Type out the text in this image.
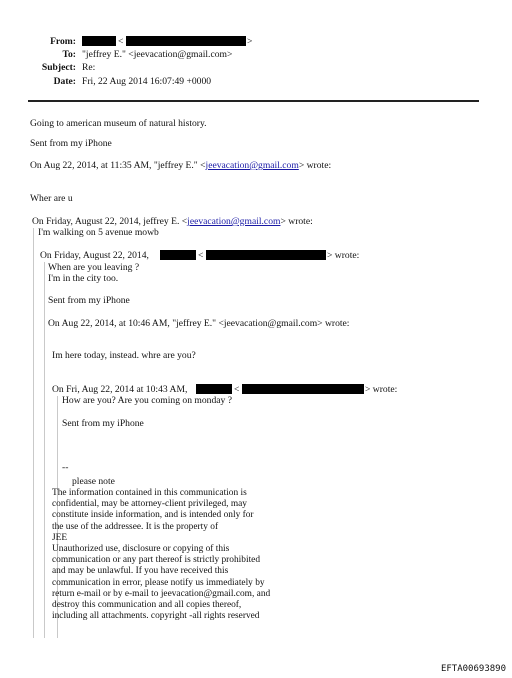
From:	<	>
To: "jeffrey E." <jeevacation@gmail.com>
Subject: Re:
Date: Fri, 22 Aug 2014 16:07:49 +0000
Going to american museum of natural history.
Sent from my iPhone
On Aug 22, 2014, at 11:35 AM, "jeffrey E." <jeevacation@gmail.com> wrote:
Wher are u
On Friday, August 22, 2014, jeffrey E. <jeevacation@gmail.com> wrote:
I'm walking on 5 avenue mowb
On Friday, August 22, 2014,	<	> wrote:
When are you leaving ?
I'm in the city too.
Sent from my iPhone
On Aug 22, 2014, at 10:46 AM, "jeffrey E." <jeevacation@gmail.com> wrote:
Im here today, instead. whre are you?
On Fri, Aug 22, 2014 at 10:43 AM,	<	> wrote:
How are you? Are you coming on monday ?
Sent from my iPhone
--
please note
The information contained in this communication is
confidential, may be attorney-client privileged, may
constitute inside information, and is intended only for
the use of the addressee. It is the property of
JEE
Unauthorized use, disclosure or copying of this
communication or any part thereof is strictly prohibited
and may be unlawful. If you have received this
communication in error, please notify us immediately by
return e-mail or by e-mail to jeevacation@gmail.com, and
destroy this communication and all copies thereof,
including all attachments. copyright -all rights reserved
EFTA00693890
